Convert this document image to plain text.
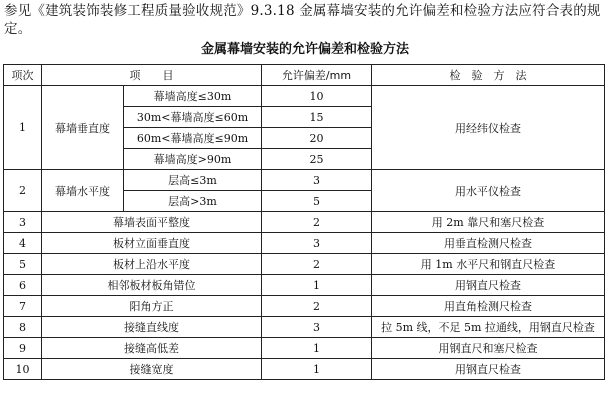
参见《建筑装饰装修工程质量验收规范》9.3.18 金属幕墙安装的允许偏差和检验方法应符合表的规定。
金属幕墙安装的允许偏差和检验方法
项次	项　　目		允许偏差/mm	检　验　方　法
1	幕墙垂直度	幕墙高度≤30m	10	用经纬仪检查
		30m<幕墙高度≤60m	15	
		60m<幕墙高度≤90m	20	
		幕墙高度>90m	25	
2	幕墙水平度	层高≤3m	3	用水平仪检查
		层高>3m	5	
3	幕墙表面平整度		2	用 2m 靠尺和塞尺检查
4	板材立面垂直度		3	用垂直检测尺检查
5	板材上沿水平度		2	用 1m 水平尺和钢直尺检查
6	相邻板材板角错位		1	用钢直尺检查
7	阳角方正		2	用直角检测尺检查
8	接缝直线度		3	拉 5m 线，不足 5m 拉通线，用钢直尺检查
9	接缝高低差		1	用钢直尺和塞尺检查
10	接缝宽度		1	用钢直尺检查
